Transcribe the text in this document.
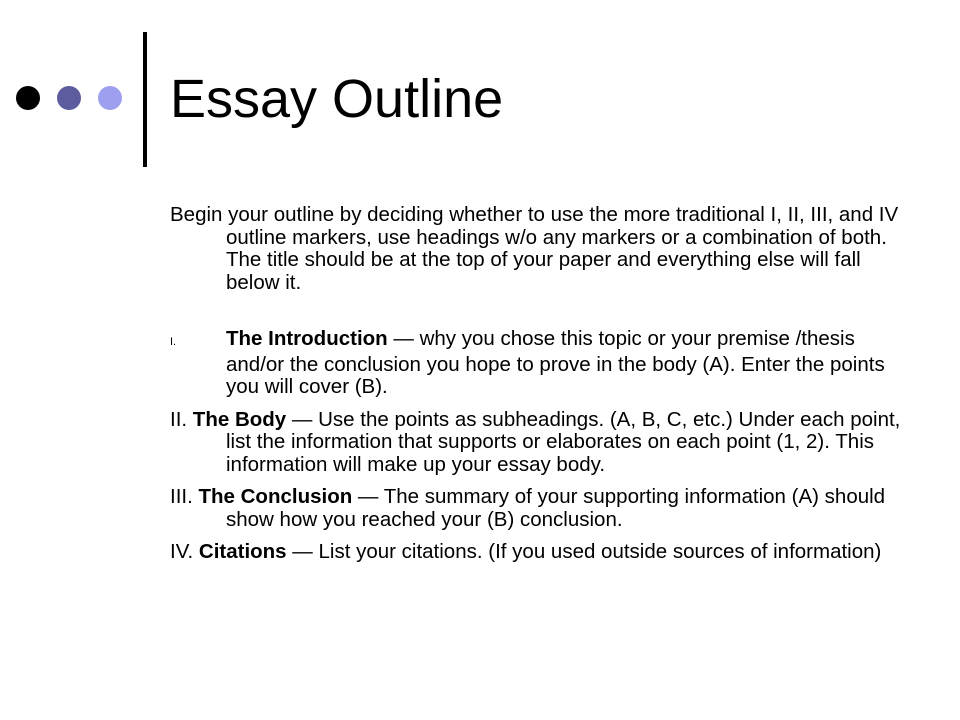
Essay Outline

Begin your outline by deciding whether to use the more traditional I, II, III, and IV outline markers, use headings w/o any markers or a combination of both. The title should be at the top of your paper and everything else will fall below it.

I. The Introduction — why you chose this topic or your premise /thesis and/or the conclusion you hope to prove in the body (A). Enter the points you will cover (B).

II. The Body — Use the points as subheadings. (A, B, C, etc.) Under each point, list the information that supports or elaborates on each point (1, 2). This information will make up your essay body.

III. The Conclusion — The summary of your supporting information (A) should show how you reached your (B) conclusion.

IV. Citations — List your citations. (If you used outside sources of information)
